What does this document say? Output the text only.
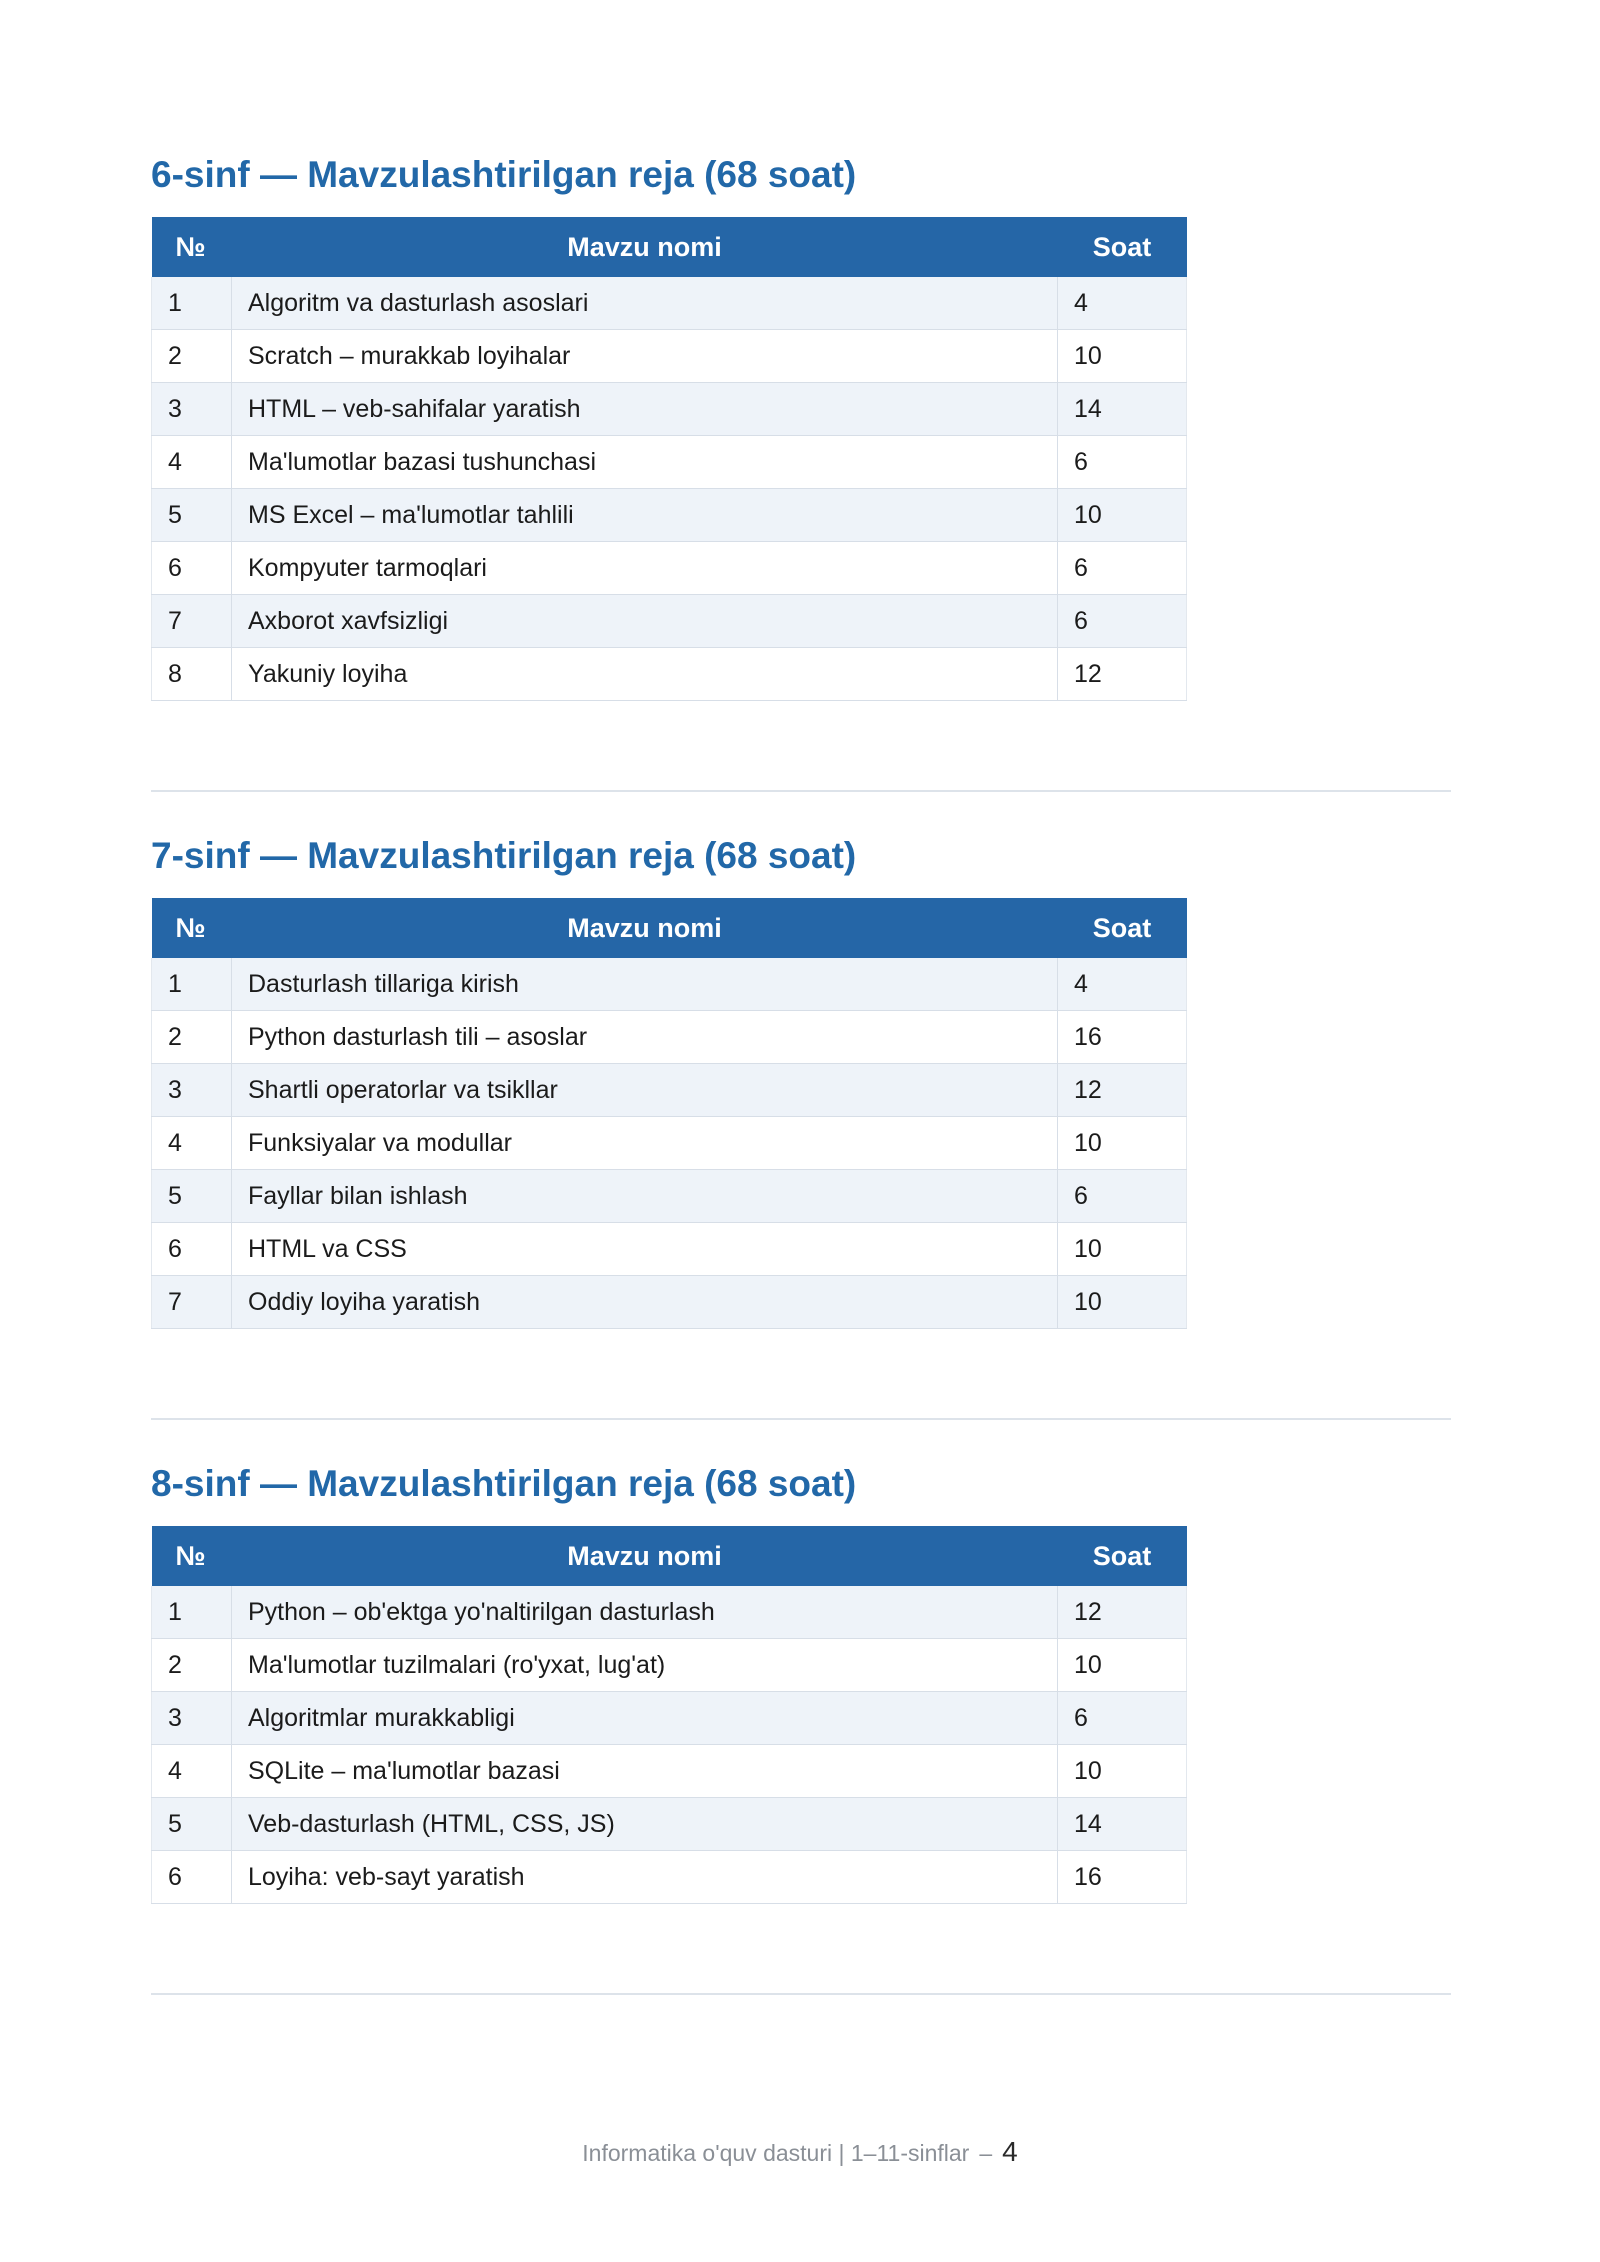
6-sinf — Mavzulashtirilgan reja (68 soat)
№	Mavzu nomi	Soat
1	Algoritm va dasturlash asoslari	4
2	Scratch – murakkab loyihalar	10
3	HTML – veb-sahifalar yaratish	14
4	Ma'lumotlar bazasi tushunchasi	6
5	MS Excel – ma'lumotlar tahlili	10
6	Kompyuter tarmoqlari	6
7	Axborot xavfsizligi	6
8	Yakuniy loyiha	12
7-sinf — Mavzulashtirilgan reja (68 soat)
№	Mavzu nomi	Soat
1	Dasturlash tillariga kirish	4
2	Python dasturlash tili – asoslar	16
3	Shartli operatorlar va tsikllar	12
4	Funksiyalar va modullar	10
5	Fayllar bilan ishlash	6
6	HTML va CSS	10
7	Oddiy loyiha yaratish	10
8-sinf — Mavzulashtirilgan reja (68 soat)
№	Mavzu nomi	Soat
1	Python – ob'ektga yo'naltirilgan dasturlash	12
2	Ma'lumotlar tuzilmalari (ro'yxat, lug'at)	10
3	Algoritmlar murakkabligi	6
4	SQLite – ma'lumotlar bazasi	10
5	Veb-dasturlash (HTML, CSS, JS)	14
6	Loyiha: veb-sayt yaratish	16
Informatika o'quv dasturi | 1–11-sinflar – 4
